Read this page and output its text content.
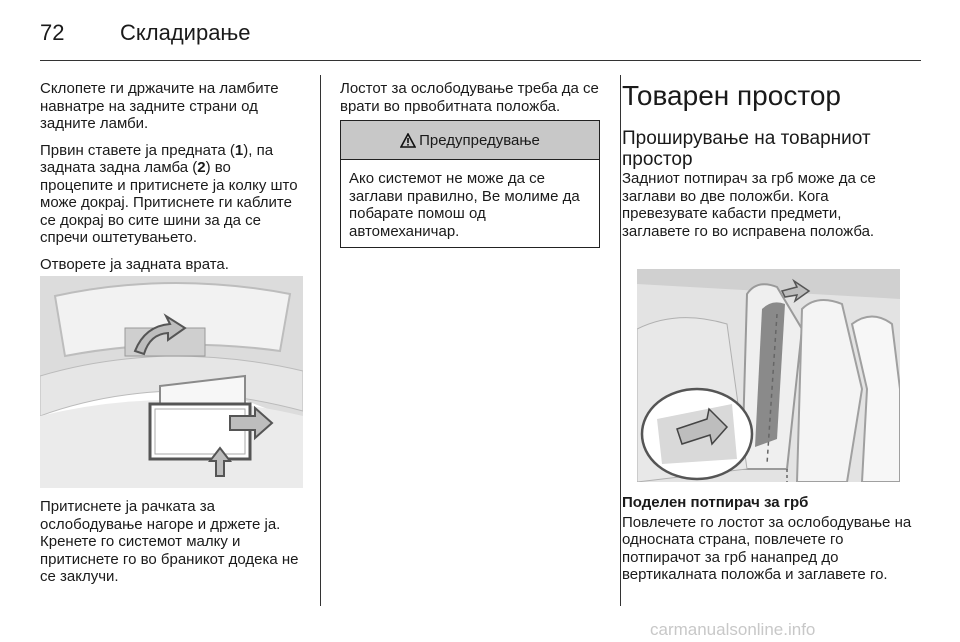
72	Складирање

Склопете ги држачите на ламбите навнатре на задните страни од задните ламби.

Првин ставете ја предната (1), па задната задна ламба (2) во процепите и притиснете ја колку што може докрај. Притиснете ги каблите се докрај во сите шини за да се спречи оштетувањето.

Отворете ја задната врата.

Притиснете ја рачката за ослободување нагоре и држете ја. Кренете го системот малку и притиснете го во браникот додека не се заклучи.

Лостот за ослободување треба да се врати во првобитната положба.

Предупредување
Ако системот не може да се заглави правилно, Ве молиме да побарате помош од автомеханичар.
Товарен простор
Проширување на товарниот простор

Задниот потпирач за грб може да се заглави во две положби. Кога превезувате кабасти предмети, заглавете го во исправена положба.

Поделен потпирач за грб

Повлечете го лостот за ослободување на односната страна, повлечете го потпирачот за грб нанапред до вертикалната положба и заглавете го.

carmanualsonline.info
